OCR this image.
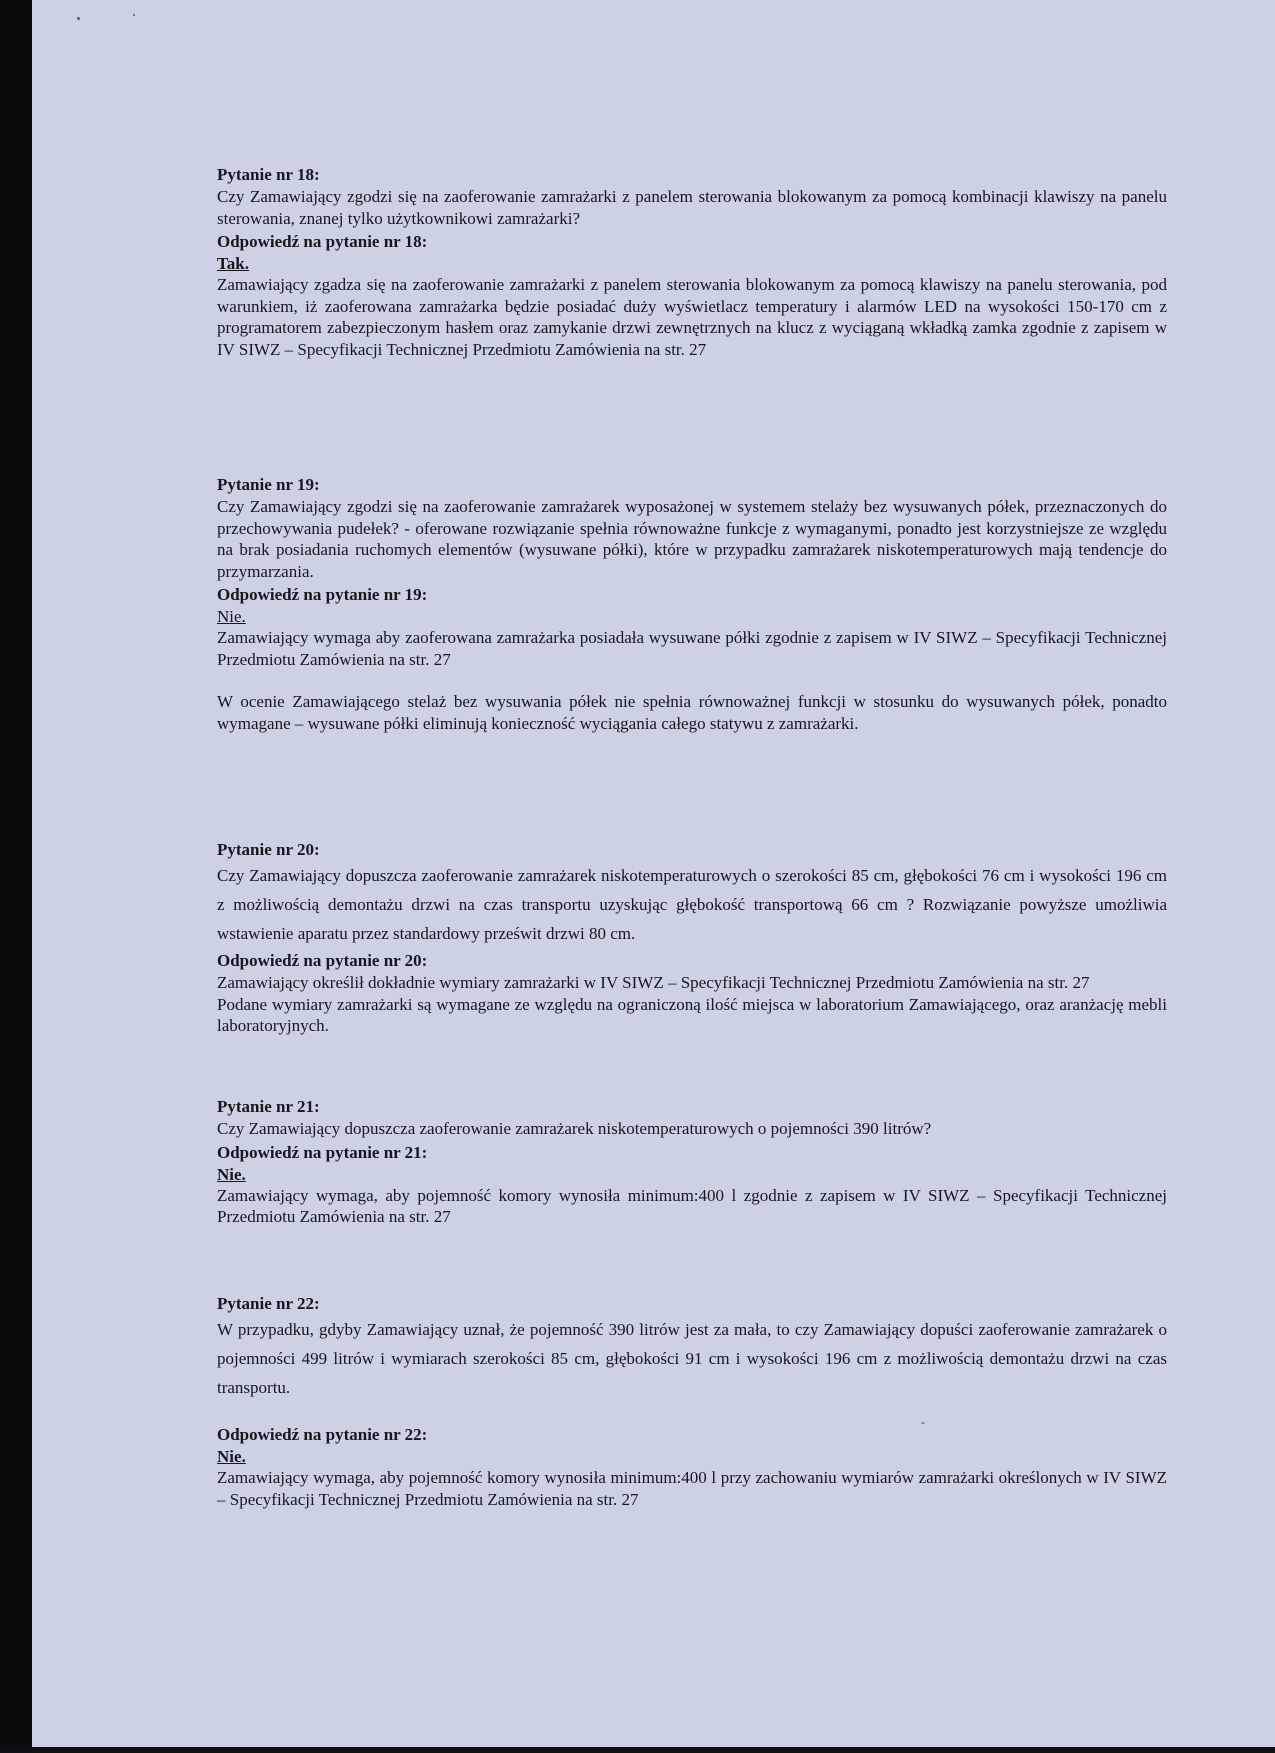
Pytanie nr 18:

Czy Zamawiający zgodzi się na zaoferowanie zamrażarki z panelem sterowania blokowanym za pomocą kombinacji klawiszy na panelu sterowania, znanej tylko użytkownikowi zamrażarki?

Odpowiedź na pytanie nr 18:

Tak.

Zamawiający zgadza się na zaoferowanie zamrażarki z panelem sterowania blokowanym za pomocą klawiszy na panelu sterowania, pod warunkiem, iż zaoferowana zamrażarka będzie posiadać duży wyświetlacz temperatury i alarmów LED na wysokości 150-170 cm z programatorem zabezpieczonym hasłem oraz zamykanie drzwi zewnętrznych na klucz z wyciąganą wkładką zamka zgodnie z zapisem w IV SIWZ – Specyfikacji Technicznej Przedmiotu Zamówienia na str. 27

Pytanie nr 19:

Czy Zamawiający zgodzi się na zaoferowanie zamrażarek wyposażonej w systemem stelaży bez wysuwanych półek, przeznaczonych do przechowywania pudełek? - oferowane rozwiązanie spełnia równoważne funkcje z wymaganymi, ponadto jest korzystniejsze ze względu na brak posiadania ruchomych elementów (wysuwane półki), które w przypadku zamrażarek niskotemperaturowych mają tendencje do przymarzania.

Odpowiedź na pytanie nr 19:

Nie.

Zamawiający wymaga aby zaoferowana zamrażarka posiadała wysuwane półki zgodnie z zapisem w IV SIWZ – Specyfikacji Technicznej Przedmiotu Zamówienia na str. 27

W ocenie Zamawiającego stelaż bez wysuwania półek nie spełnia równoważnej funkcji w stosunku do wysuwanych półek, ponadto wymagane – wysuwane półki eliminują konieczność wyciągania całego statywu z zamrażarki.

Pytanie nr 20:

Czy Zamawiający dopuszcza zaoferowanie zamrażarek niskotemperaturowych o szerokości 85 cm, głębokości 76 cm i wysokości 196 cm z możliwością demontażu drzwi na czas transportu uzyskując głębokość transportową 66 cm ? Rozwiązanie powyższe umożliwia wstawienie aparatu przez standardowy prześwit drzwi 80 cm.

Odpowiedź na pytanie nr 20:

Zamawiający określił dokładnie wymiary zamrażarki w IV SIWZ – Specyfikacji Technicznej Przedmiotu Zamówienia na str. 27

Podane wymiary zamrażarki są wymagane ze względu na ograniczoną ilość miejsca w laboratorium Zamawiającego, oraz aranżację mebli laboratoryjnych.

Pytanie nr 21:

Czy Zamawiający dopuszcza zaoferowanie zamrażarek niskotemperaturowych o pojemności 390 litrów?

Odpowiedź na pytanie nr 21:

Nie.

Zamawiający wymaga, aby pojemność komory wynosiła minimum:400 l zgodnie z zapisem w IV SIWZ – Specyfikacji Technicznej Przedmiotu Zamówienia na str. 27

Pytanie nr 22:

W przypadku, gdyby Zamawiający uznał, że pojemność 390 litrów jest za mała, to czy Zamawiający dopuści zaoferowanie zamrażarek o pojemności 499 litrów i wymiarach szerokości 85 cm, głębokości 91 cm i wysokości 196 cm z możliwością demontażu drzwi na czas transportu.

Odpowiedź na pytanie nr 22:

Nie.

Zamawiający wymaga, aby pojemność komory wynosiła minimum:400 l przy zachowaniu wymiarów zamrażarki określonych w IV SIWZ – Specyfikacji Technicznej Przedmiotu Zamówienia na str. 27
